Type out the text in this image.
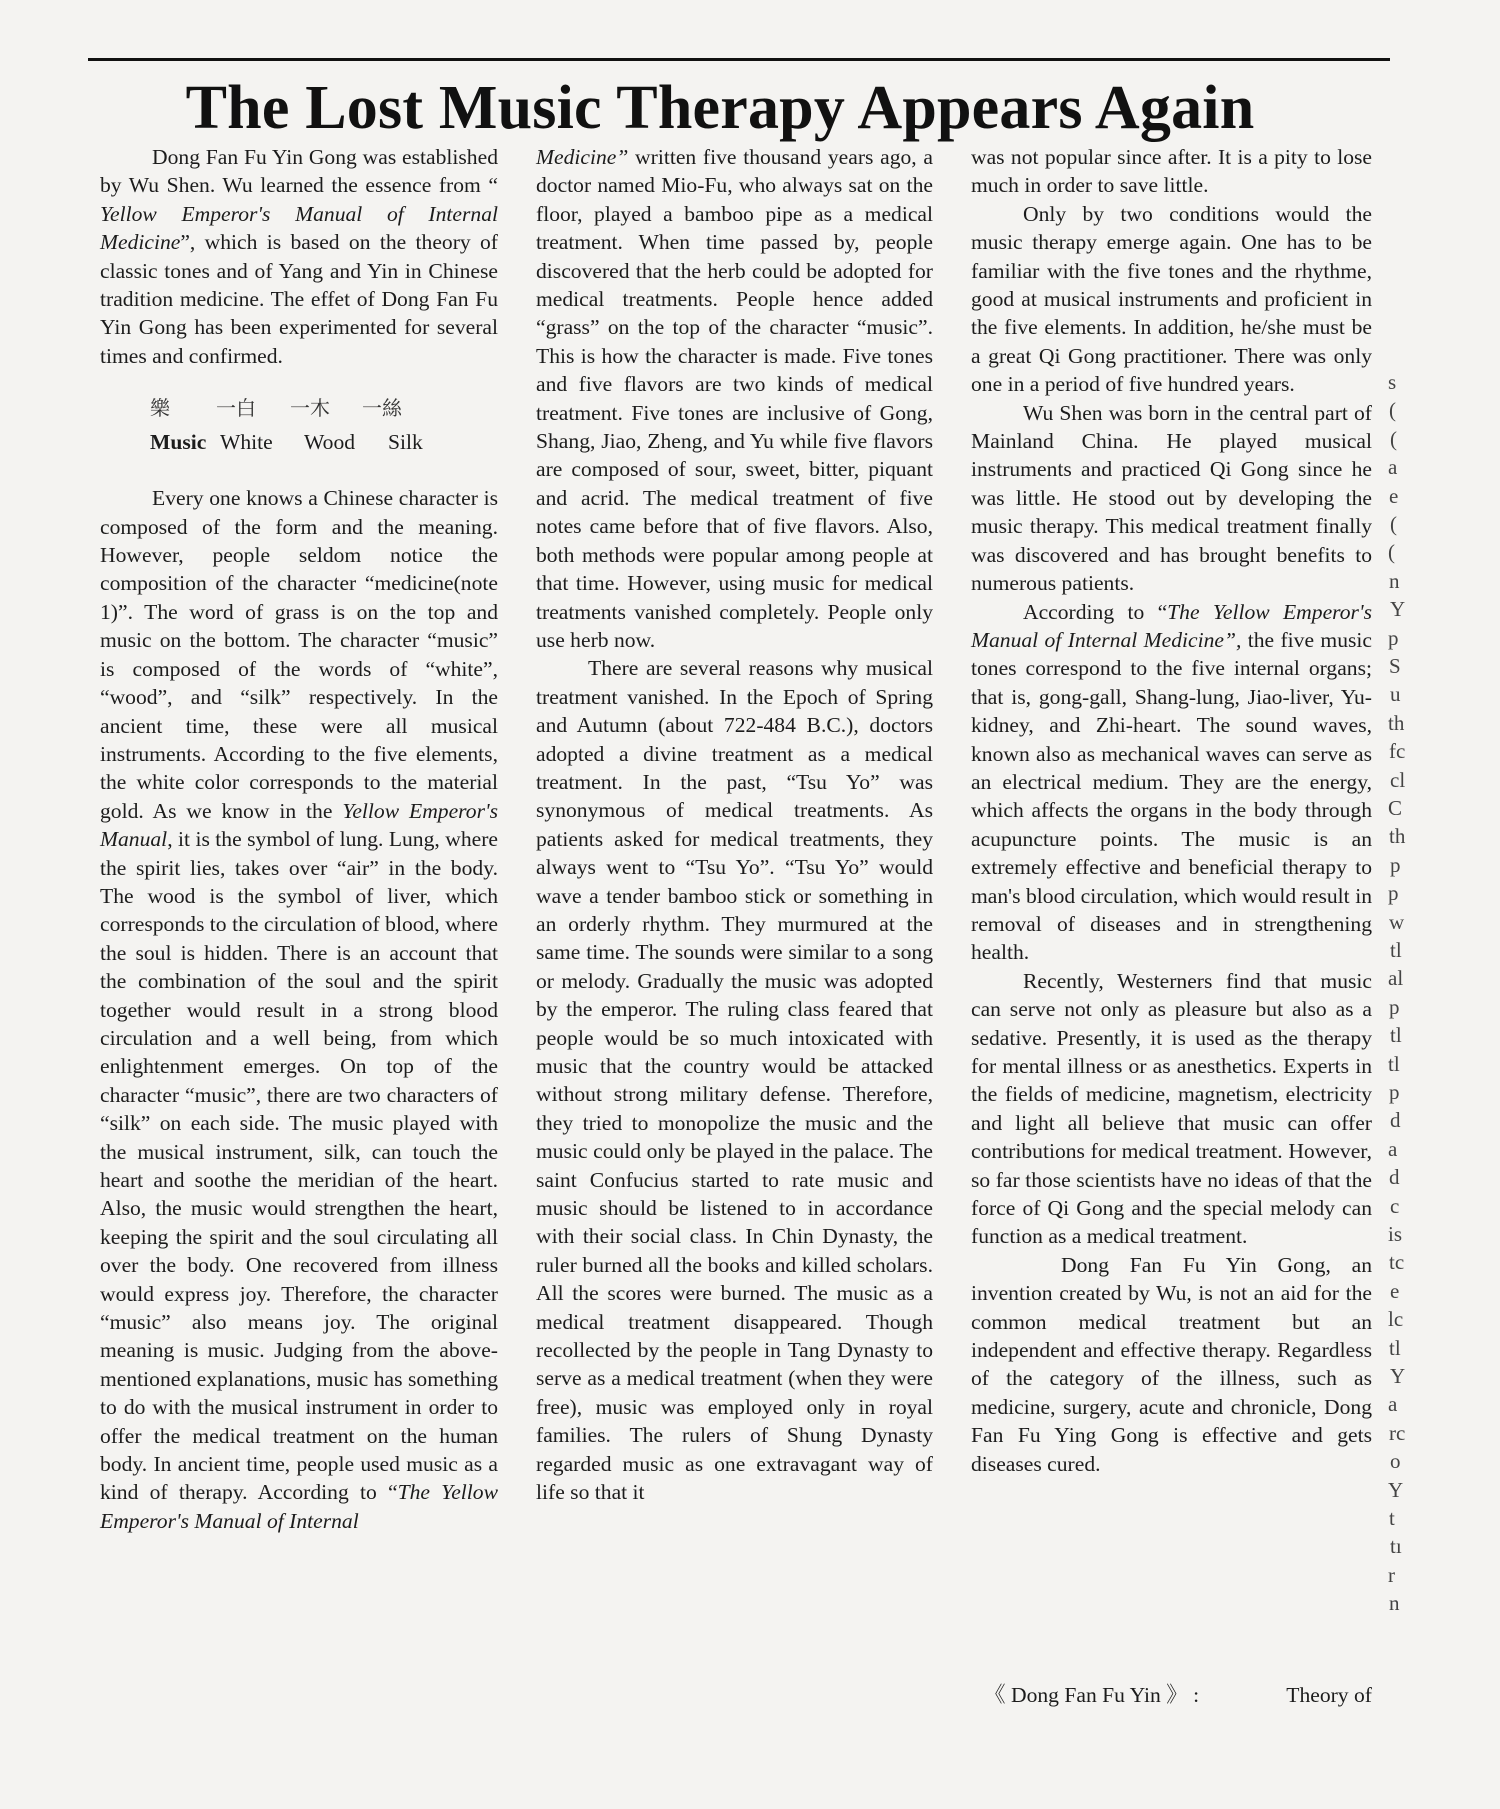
The Lost Music Therapy Appears Again

Dong Fan Fu Yin Gong was established by Wu Shen. Wu learned the essence from “ Yellow Emperor's Manual of Internal Medicine”, which is based on the theory of classic tones and of Yang and Yin in Chinese tradition medicine. The effet of Dong Fan Fu Yin Gong has been experimented for several times and confirmed.

樂	一白	一木	一絲
Music White	Wood	Silk

Every one knows a Chinese character is composed of the form and the meaning. However, people seldom notice the composition of the character “medicine(note 1)”. The word of grass is on the top and music on the bottom. The character “music” is composed of the words of “white”, “wood”, and “silk” respectively. In the ancient time, these were all musical instruments. According to the five elements, the white color corresponds to the material gold. As we know in the Yellow Emperor's Manual, it is the symbol of lung. Lung, where the spirit lies, takes over “air” in the body. The wood is the symbol of liver, which corresponds to the circulation of blood, where the soul is hidden. There is an account that the combination of the soul and the spirit together would result in a strong blood circulation and a well being, from which enlightenment emerges. On top of the character “music”, there are two characters of “silk” on each side. The music played with the musical instrument, silk, can touch the heart and soothe the meridian of the heart. Also, the music would strengthen the heart, keeping the spirit and the soul circulating all over the body. One recovered from illness would express joy. Therefore, the character “music” also means joy. The original meaning is music. Judging from the above-mentioned explanations, music has something to do with the musical instrument in order to offer the medical treatment on the human body. In ancient time, people used music as a kind of therapy. According to “The Yellow Emperor's Manual of Internal

Medicine” written five thousand years ago, a doctor named Mio-Fu, who always sat on the floor, played a bamboo pipe as a medical treatment. When time passed by, people discovered that the herb could be adopted for medical treatments. People hence added “grass” on the top of the character “music”. This is how the character is made. Five tones and five flavors are two kinds of medical treatment. Five tones are inclusive of Gong, Shang, Jiao, Zheng, and Yu while five flavors are composed of sour, sweet, bitter, piquant and acrid. The medical treatment of five notes came before that of five flavors. Also, both methods were popular among people at that time. However, using music for medical treatments vanished completely. People only use herb now.

There are several reasons why musical treatment vanished. In the Epoch of Spring and Autumn (about 722-484 B.C.), doctors adopted a divine treatment as a medical treatment. In the past, “Tsu Yo” was synonymous of medical treatments. As patients asked for medical treatments, they always went to “Tsu Yo”. “Tsu Yo” would wave a tender bamboo stick or something in an orderly rhythm. They murmured at the same time. The sounds were similar to a song or melody. Gradually the music was adopted by the emperor. The ruling class feared that people would be so much intoxicated with music that the country would be attacked without strong military defense. Therefore, they tried to monopolize the music and the music could only be played in the palace. The saint Confucius started to rate music and music should be listened to in accordance with their social class. In Chin Dynasty, the ruler burned all the books and killed scholars. All the scores were burned. The music as a medical treatment disappeared. Though recollected by the people in Tang Dynasty to serve as a medical treatment (when they were free), music was employed only in royal families. The rulers of Shung Dynasty regarded music as one extravagant way of life so that it

was not popular since after. It is a pity to lose much in order to save little.

Only by two conditions would the music therapy emerge again. One has to be familiar with the five tones and the rhythme, good at musical instruments and proficient in the five elements. In addition, he/she must be a great Qi Gong practitioner. There was only one in a period of five hundred years.

Wu Shen was born in the central part of Mainland China. He played musical instruments and practiced Qi Gong since he was little. He stood out by developing the music therapy. This medical treatment finally was discovered and has brought benefits to numerous patients.

According to “The Yellow Emperor's Manual of Internal Medicine”, the five music tones correspond to the five internal organs; that is, gong-gall, Shang-lung, Jiao-liver, Yu-kidney, and Zhi-heart. The sound waves, known also as mechanical waves can serve as an electrical medium. They are the energy, which affects the organs in the body through acupuncture points. The music is an extremely effective and beneficial therapy to man's blood circulation, which would result in removal of diseases and in strengthening health.

Recently, Westerners find that music can serve not only as pleasure but also as a sedative. Presently, it is used as the therapy for mental illness or as anesthetics. Experts in the fields of medicine, magnetism, electricity and light all believe that music can offer contributions for medical treatment. However, so far those scientists have no ideas of that the force of Qi Gong and the special melody can function as a medical treatment.

Dong Fan Fu Yin Gong, an invention created by Wu, is not an aid for the common medical treatment but an independent and effective therapy. Regardless of the category of the illness, such as medicine, surgery, acute and chronicle, Dong Fan Fu Ying Gong is effective and gets diseases cured.

《 Dong Fan Fu Yin 》 :	Theory of
s
(
(
a
e
(
(
n
Y
p
S
u
th
fc
cl
C
th
p
p
w
tl
al
p
tl
tl
p
d
a
d
c
is
tc
e
lc
tl
Y
a
rc
o
Y
t
tı
r
n
